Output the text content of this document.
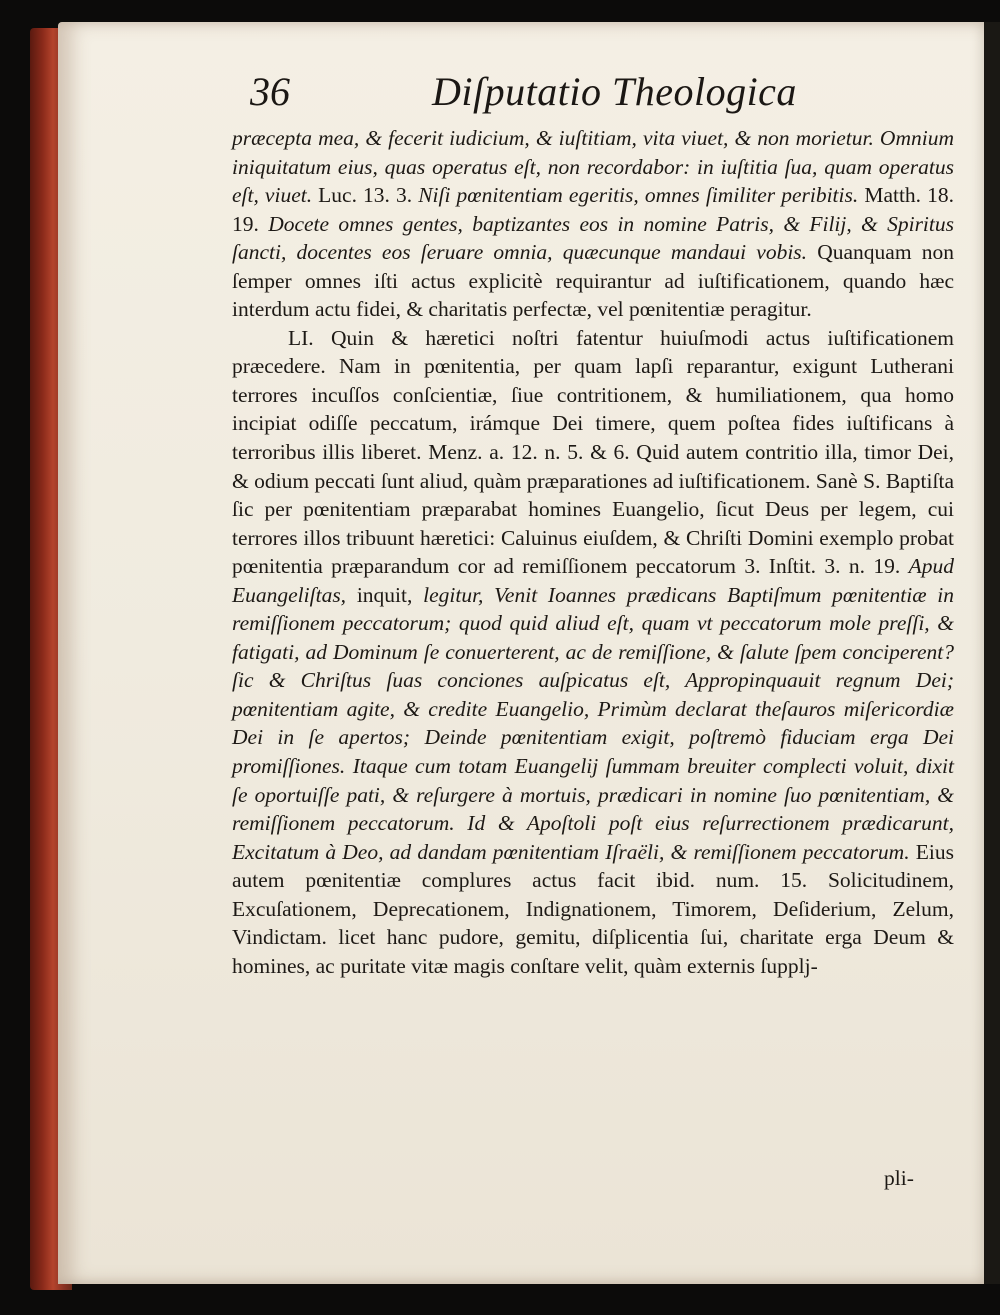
36	Diſputatio Theologica

præcepta mea, & fecerit iudicium, & iuſtitiam, vita viuet, & non morietur. Omnium iniquitatum eius, quas operatus eſt, non recordabor: in iuſtitia ſua, quam operatus eſt, viuet. Luc. 13. 3. Niſi pœnitentiam egeritis, omnes ſimiliter peribitis. Matth. 18. 19. Docete omnes gentes, baptizantes eos in nomine Patris, & Filij, & Spiritus ſancti, docentes eos ſeruare omnia, quæcunque mandaui vobis. Quanquam non ſemper omnes iſti actus explicitè requirantur ad iuſtificationem, quando hæc interdum actu fidei, & charitatis perfectæ, vel pœnitentiæ peragitur.

LI. Quin & hæretici noſtri fatentur huiuſmodi actus iuſtificationem præcedere. Nam in pœnitentia, per quam lapſi reparantur, exigunt Lutherani terrores incuſſos conſcientiæ, ſiue contritionem, & humiliationem, qua homo incipiat odiſſe peccatum, irámque Dei timere, quem poſtea fides iuſtificans à terroribus illis liberet. Menz. a. 12. n. 5. & 6. Quid autem contritio illa, timor Dei, & odium peccati ſunt aliud, quàm præparationes ad iuſtificationem. Sanè S. Baptiſta ſic per pœnitentiam præparabat homines Euangelio, ſicut Deus per legem, cui terrores illos tribuunt hæretici: Caluinus eiuſdem, & Chriſti Domini exemplo probat pœnitentia præparandum cor ad remiſſionem peccatorum 3. Inſtit. 3. n. 19. Apud Euangeliſtas, inquit, legitur, Venit Ioannes prædicans Baptiſmum pœnitentiæ in remiſſionem peccatorum; quod quid aliud eſt, quam vt peccatorum mole preſſi, & fatigati, ad Dominum ſe conuerterent, ac de remiſſione, & ſalute ſpem conciperent? ſic & Chriſtus ſuas conciones auſpicatus eſt, Appropinquauit regnum Dei; pœnitentiam agite, & credite Euangelio, Primùm declarat theſauros miſericordiæ Dei in ſe apertos; Deinde pœnitentiam exigit, poſtremò fiduciam erga Dei promiſſiones. Itaque cum totam Euangelij ſummam breuiter complecti voluit, dixit ſe oportuiſſe pati, & reſurgere à mortuis, prædicari in nomine ſuo pœnitentiam, & remiſſionem peccatorum. Id & Apoſtoli poſt eius reſurrectionem prædicarunt, Excitatum à Deo, ad dandam pœnitentiam Iſraëli, & remiſſionem peccatorum. Eius autem pœnitentiæ complures actus facit ibid. num. 15. Solicitudinem, Excuſationem, Deprecationem, Indignationem, Timorem, Deſiderium, Zelum, Vindictam. licet hanc pudore, gemitu, diſplicentia ſui, charitate erga Deum & homines, ac puritate vitæ magis conſtare velit, quàm externis ſupplj-

pli-
